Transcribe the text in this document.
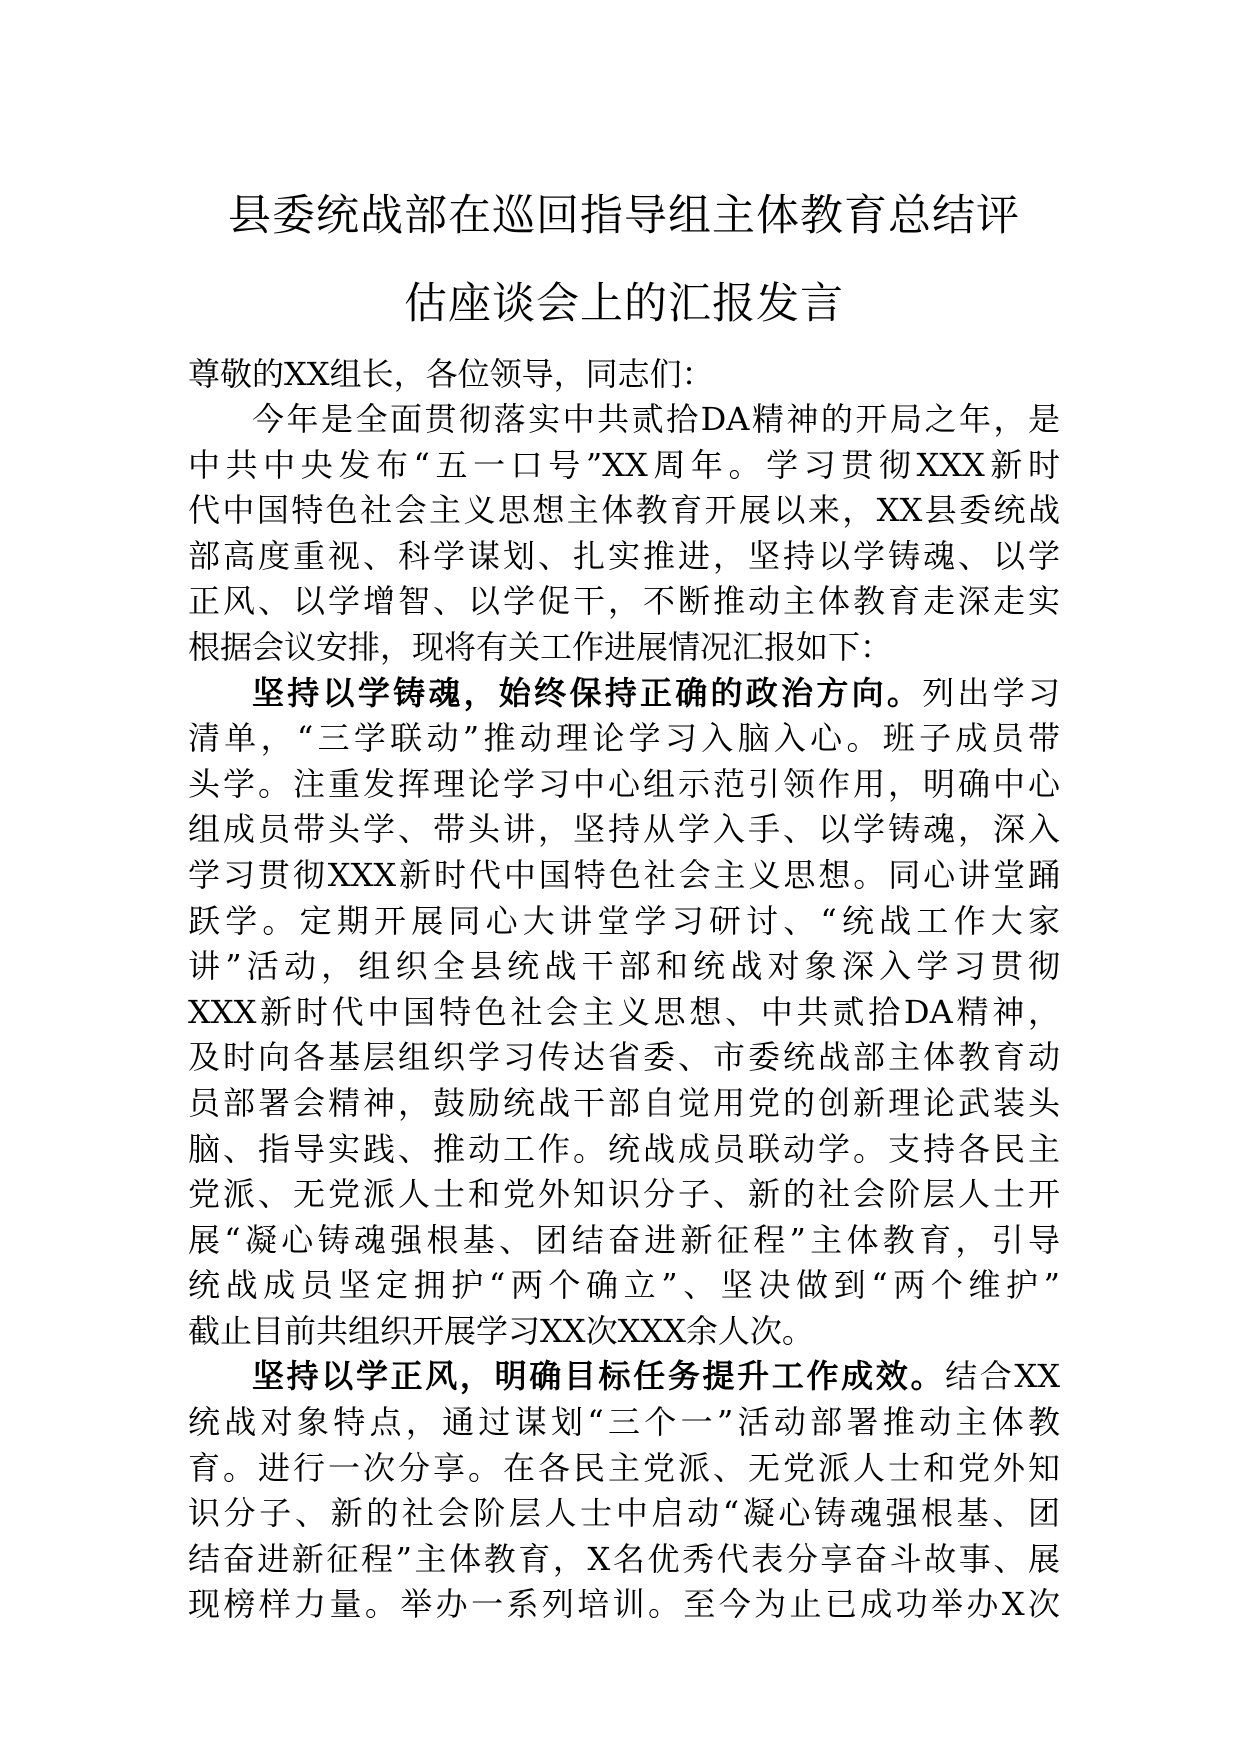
县委统战部在巡回指导组主体教育总结评
估座谈会上的汇报发言

尊敬的XX组长，各位领导，同志们：

今年是全面贯彻落实中共贰拾DA精神的开局之年，是
中共中央发布“五一口号”XX周年。学习贯彻XXX新时
代中国特色社会主义思想主体教育开展以来，XX县委统战
部高度重视、科学谋划、扎实推进，坚持以学铸魂、以学
正风、以学增智、以学促干，不断推动主体教育走深走实
根据会议安排，现将有关工作进展情况汇报如下：
坚持以学铸魂，始终保持正确的政治方向。列出学习
清单，“三学联动”推动理论学习入脑入心。班子成员带
头学。注重发挥理论学习中心组示范引领作用，明确中心
组成员带头学、带头讲，坚持从学入手、以学铸魂，深入
学习贯彻XXX新时代中国特色社会主义思想。同心讲堂踊
跃学。定期开展同心大讲堂学习研讨、“统战工作大家
讲”活动，组织全县统战干部和统战对象深入学习贯彻
XXX新时代中国特色社会主义思想、中共贰拾DA精神，
及时向各基层组织学习传达省委、市委统战部主体教育动
员部署会精神，鼓励统战干部自觉用党的创新理论武装头
脑、指导实践、推动工作。统战成员联动学。支持各民主
党派、无党派人士和党外知识分子、新的社会阶层人士开
展“凝心铸魂强根基、团结奋进新征程”主体教育，引导
统战成员坚定拥护“两个确立”、坚决做到“两个维护”
截止目前共组织开展学习XX次XXX余人次。
坚持以学正风，明确目标任务提升工作成效。结合XX
统战对象特点，通过谋划“三个一”活动部署推动主体教
育。进行一次分享。在各民主党派、无党派人士和党外知
识分子、新的社会阶层人士中启动“凝心铸魂强根基、团
结奋进新征程”主体教育，X名优秀代表分享奋斗故事、展
现榜样力量。举办一系列培训。至今为止已成功举办X次
